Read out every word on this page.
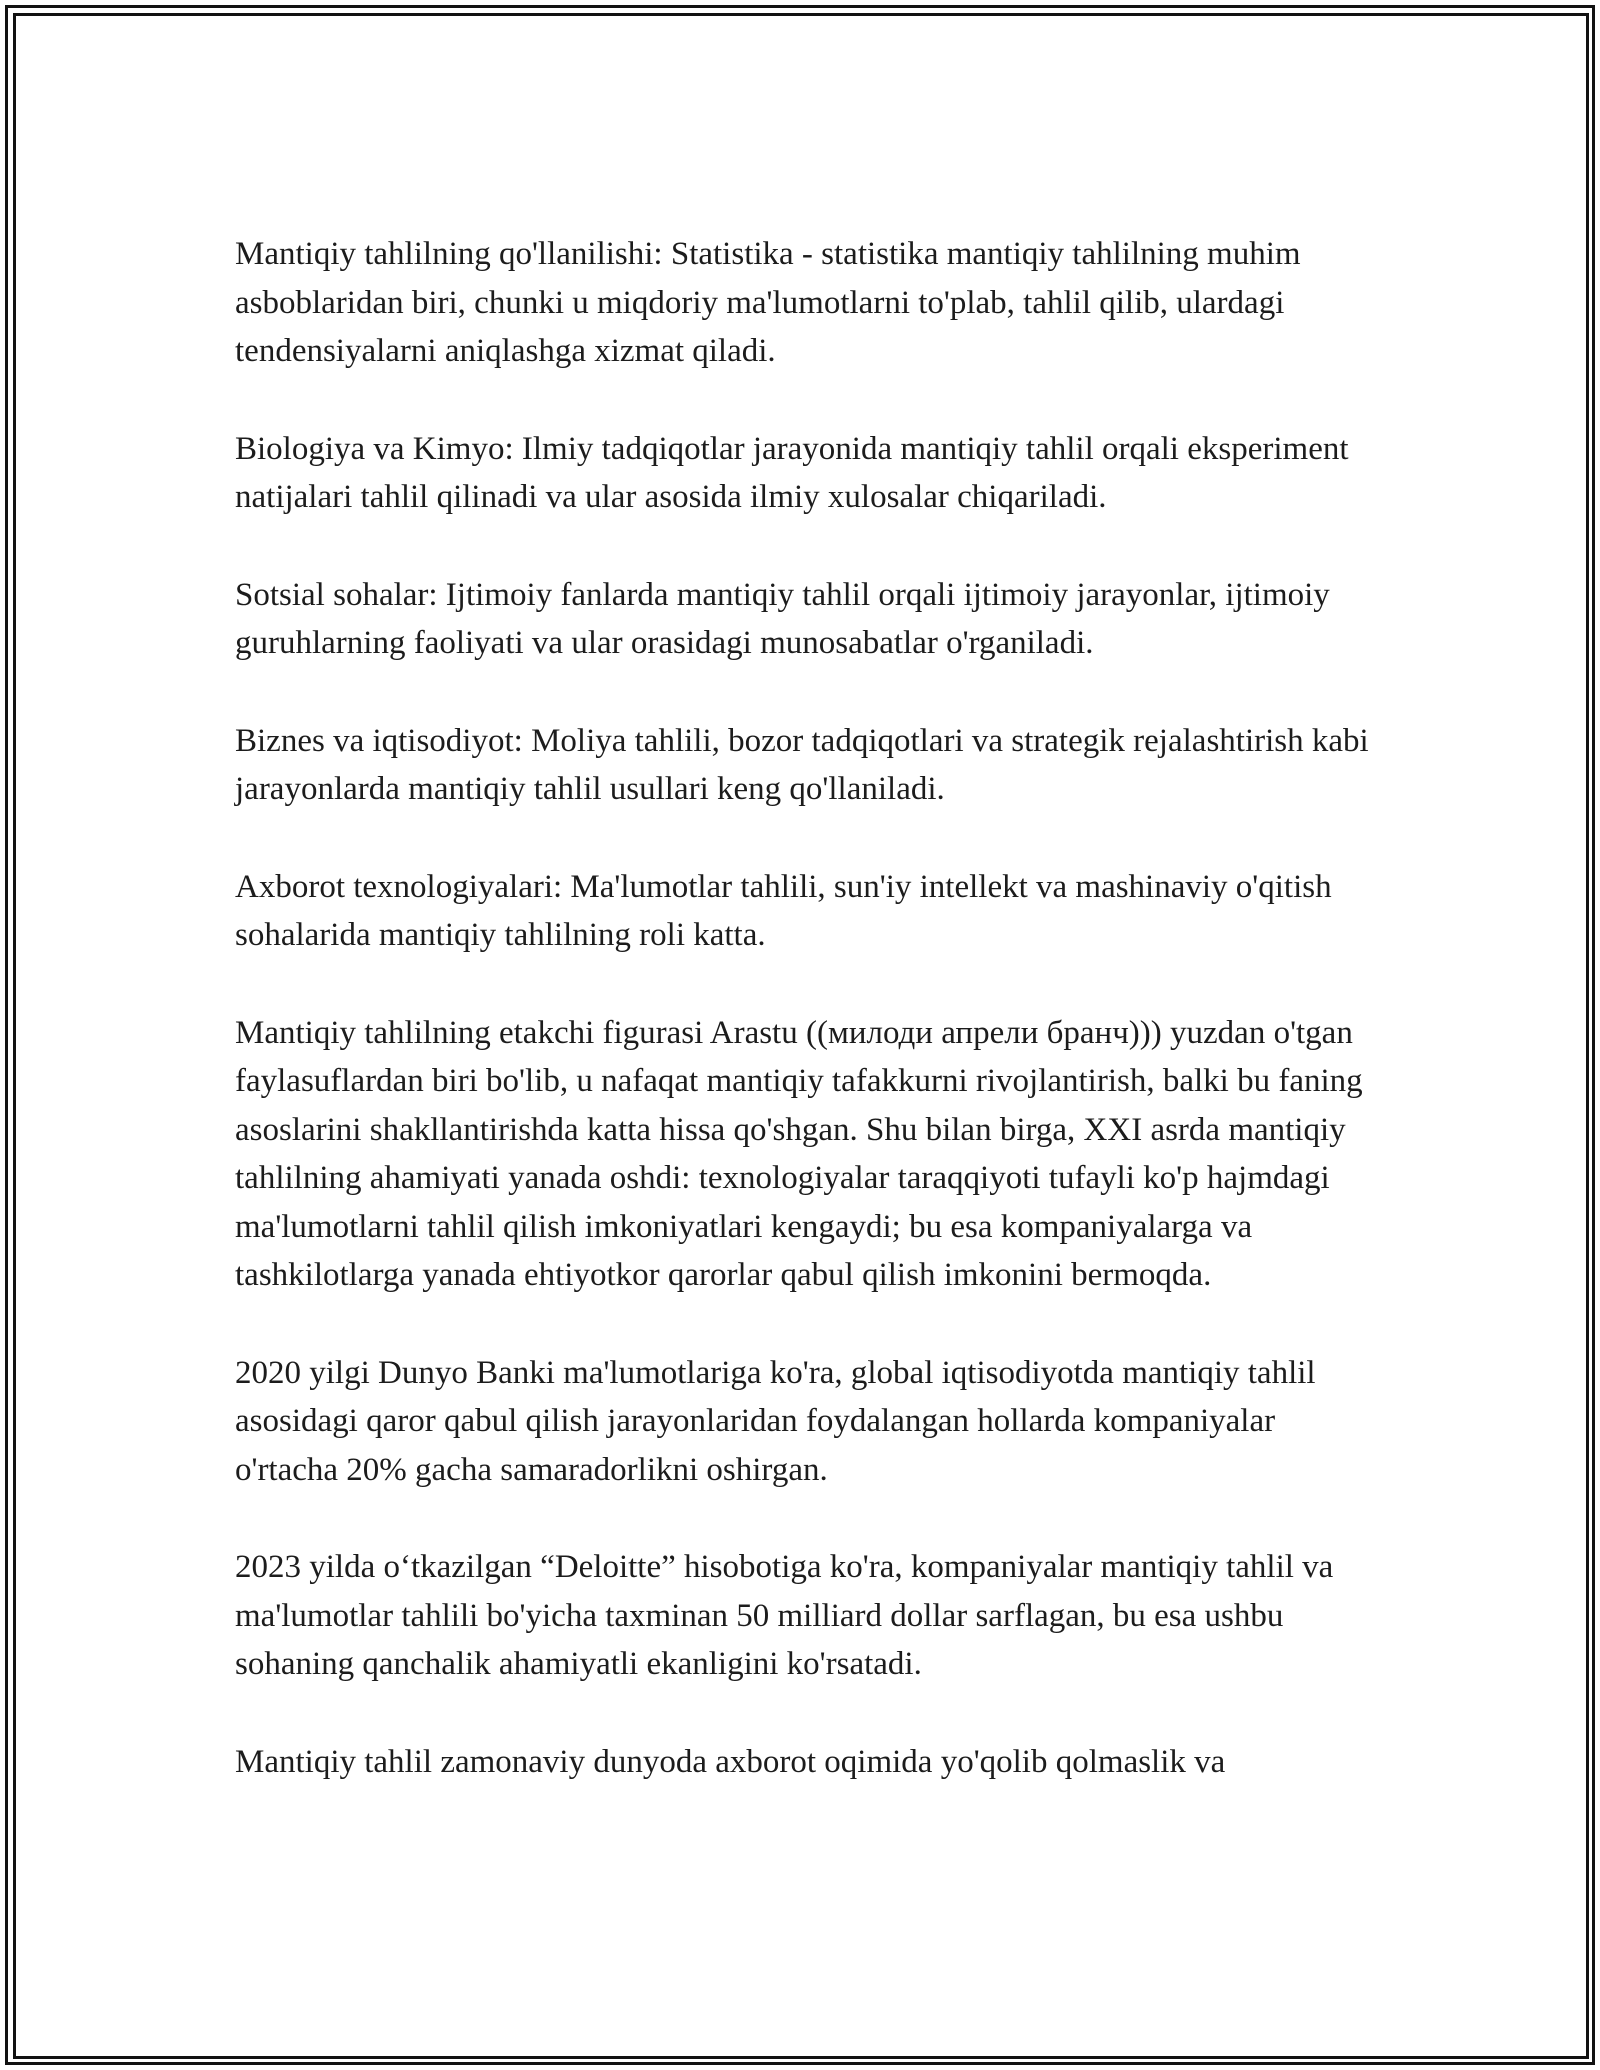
Mantiqiy tahlilning qo'llanilishi: Statistika - statistika mantiqiy tahlilning muhim asboblaridan biri, chunki u miqdoriy ma'lumotlarni to'plab, tahlil qilib, ulardagi tendensiyalarni aniqlashga xizmat qiladi.

Biologiya va Kimyo: Ilmiy tadqiqotlar jarayonida mantiqiy tahlil orqali eksperiment natijalari tahlil qilinadi va ular asosida ilmiy xulosalar chiqariladi.

Sotsial sohalar: Ijtimoiy fanlarda mantiqiy tahlil orqali ijtimoiy jarayonlar, ijtimoiy guruhlarning faoliyati va ular orasidagi munosabatlar o'rganiladi.

Biznes va iqtisodiyot: Moliya tahlili, bozor tadqiqotlari va strategik rejalashtirish kabi jarayonlarda mantiqiy tahlil usullari keng qo'llaniladi.

Axborot texnologiyalari: Ma'lumotlar tahlili, sun'iy intellekt va mashinaviy o'qitish sohalarida mantiqiy tahlilning roli katta.

Mantiqiy tahlilning etakchi figurasi Arastu ((милоди апрели бранч))) yuzdan o'tgan faylasuflardan biri bo'lib, u nafaqat mantiqiy tafakkurni rivojlantirish, balki bu faning asoslarini shakllantirishda katta hissa qo'shgan. Shu bilan birga, XXI asrda mantiqiy tahlilning ahamiyati yanada oshdi: texnologiyalar taraqqiyoti tufayli ko'p hajmdagi ma'lumotlarni tahlil qilish imkoniyatlari kengaydi; bu esa kompaniyalarga va tashkilotlarga yanada ehtiyotkor qarorlar qabul qilish imkonini bermoqda.

2020 yilgi Dunyo Banki ma'lumotlariga ko'ra, global iqtisodiyotda mantiqiy tahlil asosidagi qaror qabul qilish jarayonlaridan foydalangan hollarda kompaniyalar o'rtacha 20% gacha samaradorlikni oshirgan.

2023 yilda oʻtkazilgan “Deloitte” hisobotiga ko'ra, kompaniyalar mantiqiy tahlil va ma'lumotlar tahlili bo'yicha taxminan 50 milliard dollar sarflagan, bu esa ushbu sohaning qanchalik ahamiyatli ekanligini ko'rsatadi.

Mantiqiy tahlil zamonaviy dunyoda axborot oqimida yo'qolib qolmaslik va
